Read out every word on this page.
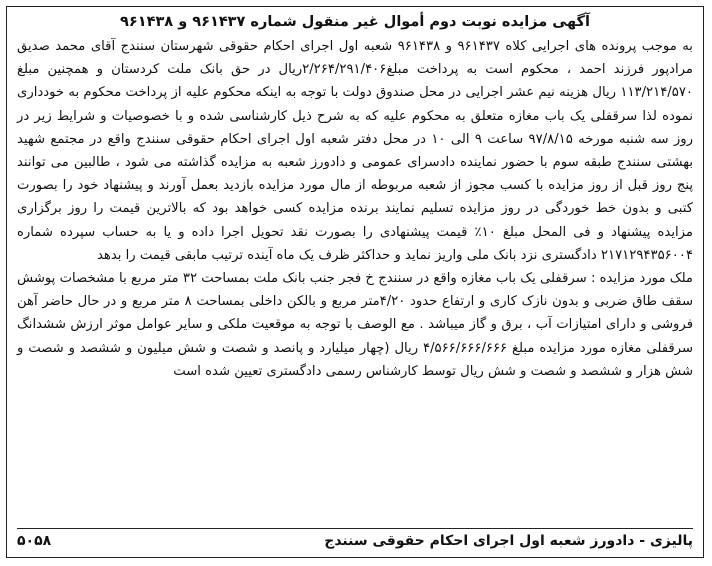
آگهی مزایده نوبت دوم أموال غیر منقول شماره ۹۶۱۴۳۷ و ۹۶۱۴۳۸

به موجب پرونده های اجرایی کلاه ۹۶۱۴۳۷ و ۹۶۱۴۳۸ شعبه اول اجرای احکام حقوقی شهرستان سنندج آقای محمد صدیق مرادپور فرزند احمد ، محکوم است به پرداخت مبلغ۲/۲۶۴/۲۹۱/۴۰۶ریال در حق بانک ملت کردستان و همچنین مبلغ ۱۱۳/۲۱۴/۵۷۰ ریال هزینه نیم عشر اجرایی در محل صندوق دولت با توجه به اینکه محکوم علیه از پرداخت محکوم به خودداری نموده لذا سرقفلی یک باب مغازه متعلق به محکوم علیه که به شرح ذیل کارشناسی شده و با خصوصیات و شرایط زیر در روز سه شنبه مورخه ۹۷/۸/۱۵ ساعت ۹ الی ۱۰ در محل دفتر شعبه اول اجرای احکام حقوقی سنندج واقع در مجتمع شهید بهشتی سنندج طبقه سوم با حضور نماینده دادسرای عمومی و دادورز شعبه به مزایده گذاشته می شود ، طالبین می توانند پنج روز قبل از روز مزایده با کسب مجوز از شعبه مربوطه از مال مورد مزایده بازدید بعمل آورند و پیشنهاد خود را بصورت کتبی و بدون خط خوردگی در روز مزایده تسلیم نمایند برنده مزایده کسی خواهد بود که بالاترین قیمت را روز برگزاری مزایده پیشنهاد و فی المحل مبلغ ۱۰٪ قیمت پیشنهادی را بصورت نقد تحویل اجرا داده و یا به حساب سپرده شماره ۲۱۷۱۲۹۴۳۵۶۰۰۴ دادگستری نزد بانک ملی واریز نماید و حداکثر ظرف یک ماه آینده ترتیب مابقی قیمت را بدهد

ملک مورد مزایده : سرقفلی یک باب مغازه واقع در سنندج خ فجر جنب بانک ملت بمساحت ۳۲ متر مربع با مشخصات پوشش سقف طاق ضربی و بدون نازک کاری و ارتفاع حدود ۴/۲۰متر مربع و بالکن داخلی بمساحت ۸ متر مربع و در حال حاضر آهن فروشی و دارای امتیازات آب ، برق و گاز میباشد . مع الوصف با توجه به موقعیت ملکی و سایر عوامل موثر ارزش ششدانگ سرقفلی مغازه مورد مزایده مبلغ ۴/۵۶۶/۶۶۶/۶۶۶ ریال (چهار میلیارد و پانصد و شصت و شش میلیون و ششصد و شصت و شش هزار و ششصد و شصت و شش ریال توسط کارشناس رسمی دادگستری تعیین شده است

پالیزی - دادورز شعبه اول اجرای احکام حقوقی سنندج
۵۰۵۸
